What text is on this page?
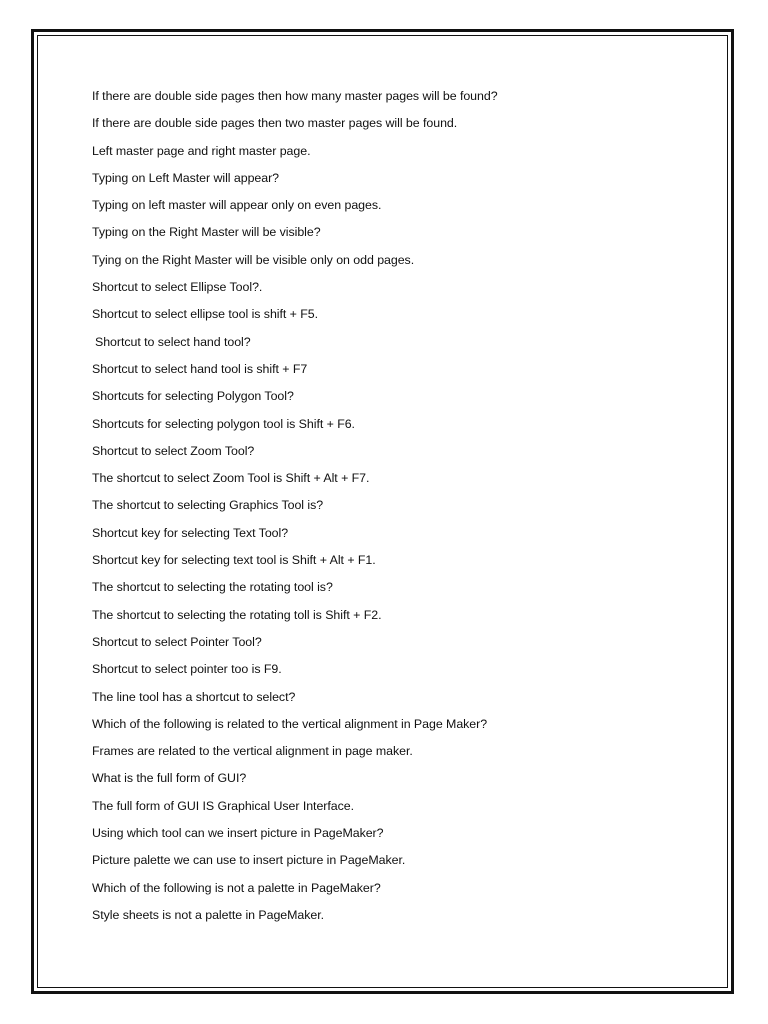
If there are double side pages then how many master pages will be found?
If there are double side pages then two master pages will be found.
Left master page and right master page.
Typing on Left Master will appear?
Typing on left master will appear only on even pages.
Typing on the Right Master will be visible?
Tying on the Right Master will be visible only on odd pages.
Shortcut to select Ellipse Tool?.
Shortcut to select ellipse tool is shift + F5.
Shortcut to select hand tool?
Shortcut to select hand tool is shift + F7
Shortcuts for selecting Polygon Tool?
Shortcuts for selecting polygon tool is Shift + F6.
Shortcut to select Zoom Tool?
The shortcut to select Zoom Tool is Shift + Alt + F7.
The shortcut to selecting Graphics Tool is?
Shortcut key for selecting Text Tool?
Shortcut key for selecting text tool is Shift + Alt + F1.
The shortcut to selecting the rotating tool is?
The shortcut to selecting the rotating toll is Shift + F2.
Shortcut to select Pointer Tool?
Shortcut to select pointer too is F9.
The line tool has a shortcut to select?
Which of the following is related to the vertical alignment in Page Maker?
Frames are related to the vertical alignment in page maker.
What is the full form of GUI?
The full form of GUI IS Graphical User Interface.
Using which tool can we insert picture in PageMaker?
Picture palette we can use to insert picture in PageMaker.
Which of the following is not a palette in PageMaker?
Style sheets is not a palette in PageMaker.
